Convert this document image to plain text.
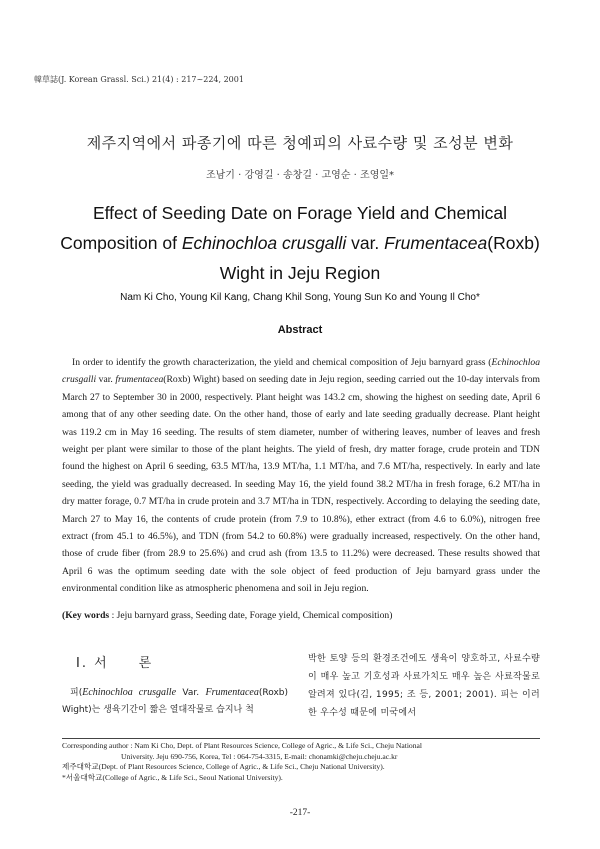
韓草誌(J. Korean Grassl. Sci.) 21(4) : 217~224, 2001
제주지역에서 파종기에 따른 청예피의 사료수량 및 조성분 변화
조남기 · 강영길 · 송창길 · 고영순 · 조영일*
Effect of Seeding Date on Forage Yield and Chemical
Composition of Echinochloa crusgalli var. Frumentacea(Roxb)
Wight in Jeju Region
Nam Ki Cho, Young Kil Kang, Chang Khil Song, Young Sun Ko and Young Il Cho*
Abstract

In order to identify the growth characterization, the yield and chemical composition of Jeju barnyard grass (Echinochloa crusgalli var. frumentacea(Roxb) Wight) based on seeding date in Jeju region, seeding carried out the 10-day intervals from March 27 to September 30 in 2000, respectively. Plant height was 143.2 cm, showing the highest on seeding date, April 6 among that of any other seeding date. On the other hand, those of early and late seeding gradually decrease. Plant height was 119.2 cm in May 16 seeding. The results of stem diameter, number of withering leaves, number of leaves and fresh weight per plant were similar to those of the plant heights. The yield of fresh, dry matter forage, crude protein and TDN found the highest on April 6 seeding, 63.5 MT/ha, 13.9 MT/ha, 1.1 MT/ha, and 7.6 MT/ha, respectively. In early and late seeding, the yield was gradually decreased. In seeding May 16, the yield found 38.2 MT/ha in fresh forage, 6.2 MT/ha in dry matter forage, 0.7 MT/ha in crude protein and 3.7 MT/ha in TDN, respectively. According to delaying the seeding date, March 27 to May 16, the contents of crude protein (from 7.9 to 10.8%), ether extract (from 4.6 to 6.0%), nitrogen free extract (from 45.1 to 46.5%), and TDN (from 54.2 to 60.8%) were gradually increased, respectively. On the other hand, those of crude fiber (from 28.9 to 25.6%) and crud ash (from 13.5 to 11.2%) were decreased. These results showed that April 6 was the optimum seeding date with the sole object of feed production of Jeju barnyard grass under the environmental condition like as atmospheric phenomena and soil in Jeju region.

(Key words : Jeju barnyard grass, Seeding date, Forage yield, Chemical composition)
Ⅰ. 서 론

피(Echinochloa crusgalle Var. Frumentacea(Roxb) Wight)는 생육기간이 짧은 열대작물로 습지나 척

박한 토양 등의 환경조건에도 생육이 양호하고, 사료수량이 매우 높고 기호성과 사료가치도 매우 높은 사료작물로 알려져 있다(김, 1995; 조 등, 2001; 2001). 피는 이러한 우수성 때문에 미국에서

Corresponding author : Nam Ki Cho, Dept. of Plant Resources Science, College of Agric., & Life Sci., Cheju National
University. Jeju 690-756, Korea, Tel : 064-754-3315, E-mail: chonamki@cheju.cheju.ac.kr
제주대학교(Dept. of Plant Resources Science, College of Agric., & Life Sci., Cheju National University).
*서울대학교(College of Agric., & Life Sci., Seoul National University).
-217-
